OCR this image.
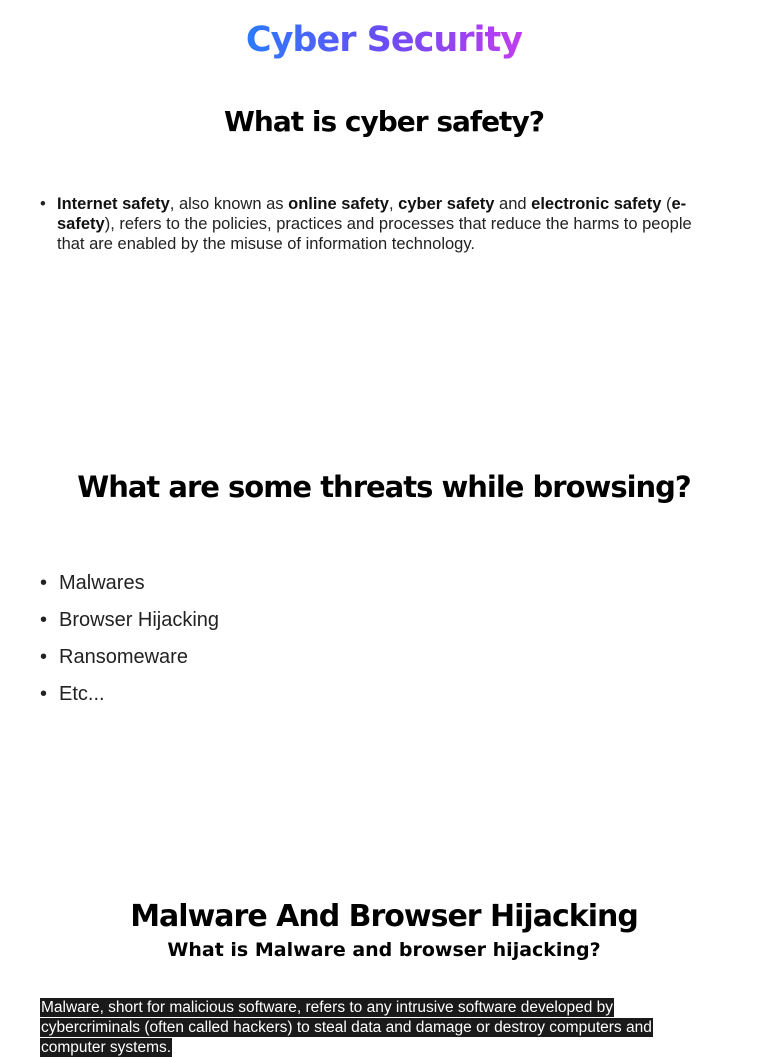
Cyber Security
What is cyber safety?
• Internet safety, also known as online safety, cyber safety and electronic safety (e-safety), refers to the policies, practices and processes that reduce the harms to people that are enabled by the misuse of information technology.

What are some threats while browsing?
• Malwares
• Browser Hijacking
• Ransomeware
• Etc...
Malware And Browser Hijacking
What is Malware and browser hijacking?
Malware, short for malicious software, refers to any intrusive software developed by cybercriminals (often called hackers) to steal data and damage or destroy computers and computer systems.
